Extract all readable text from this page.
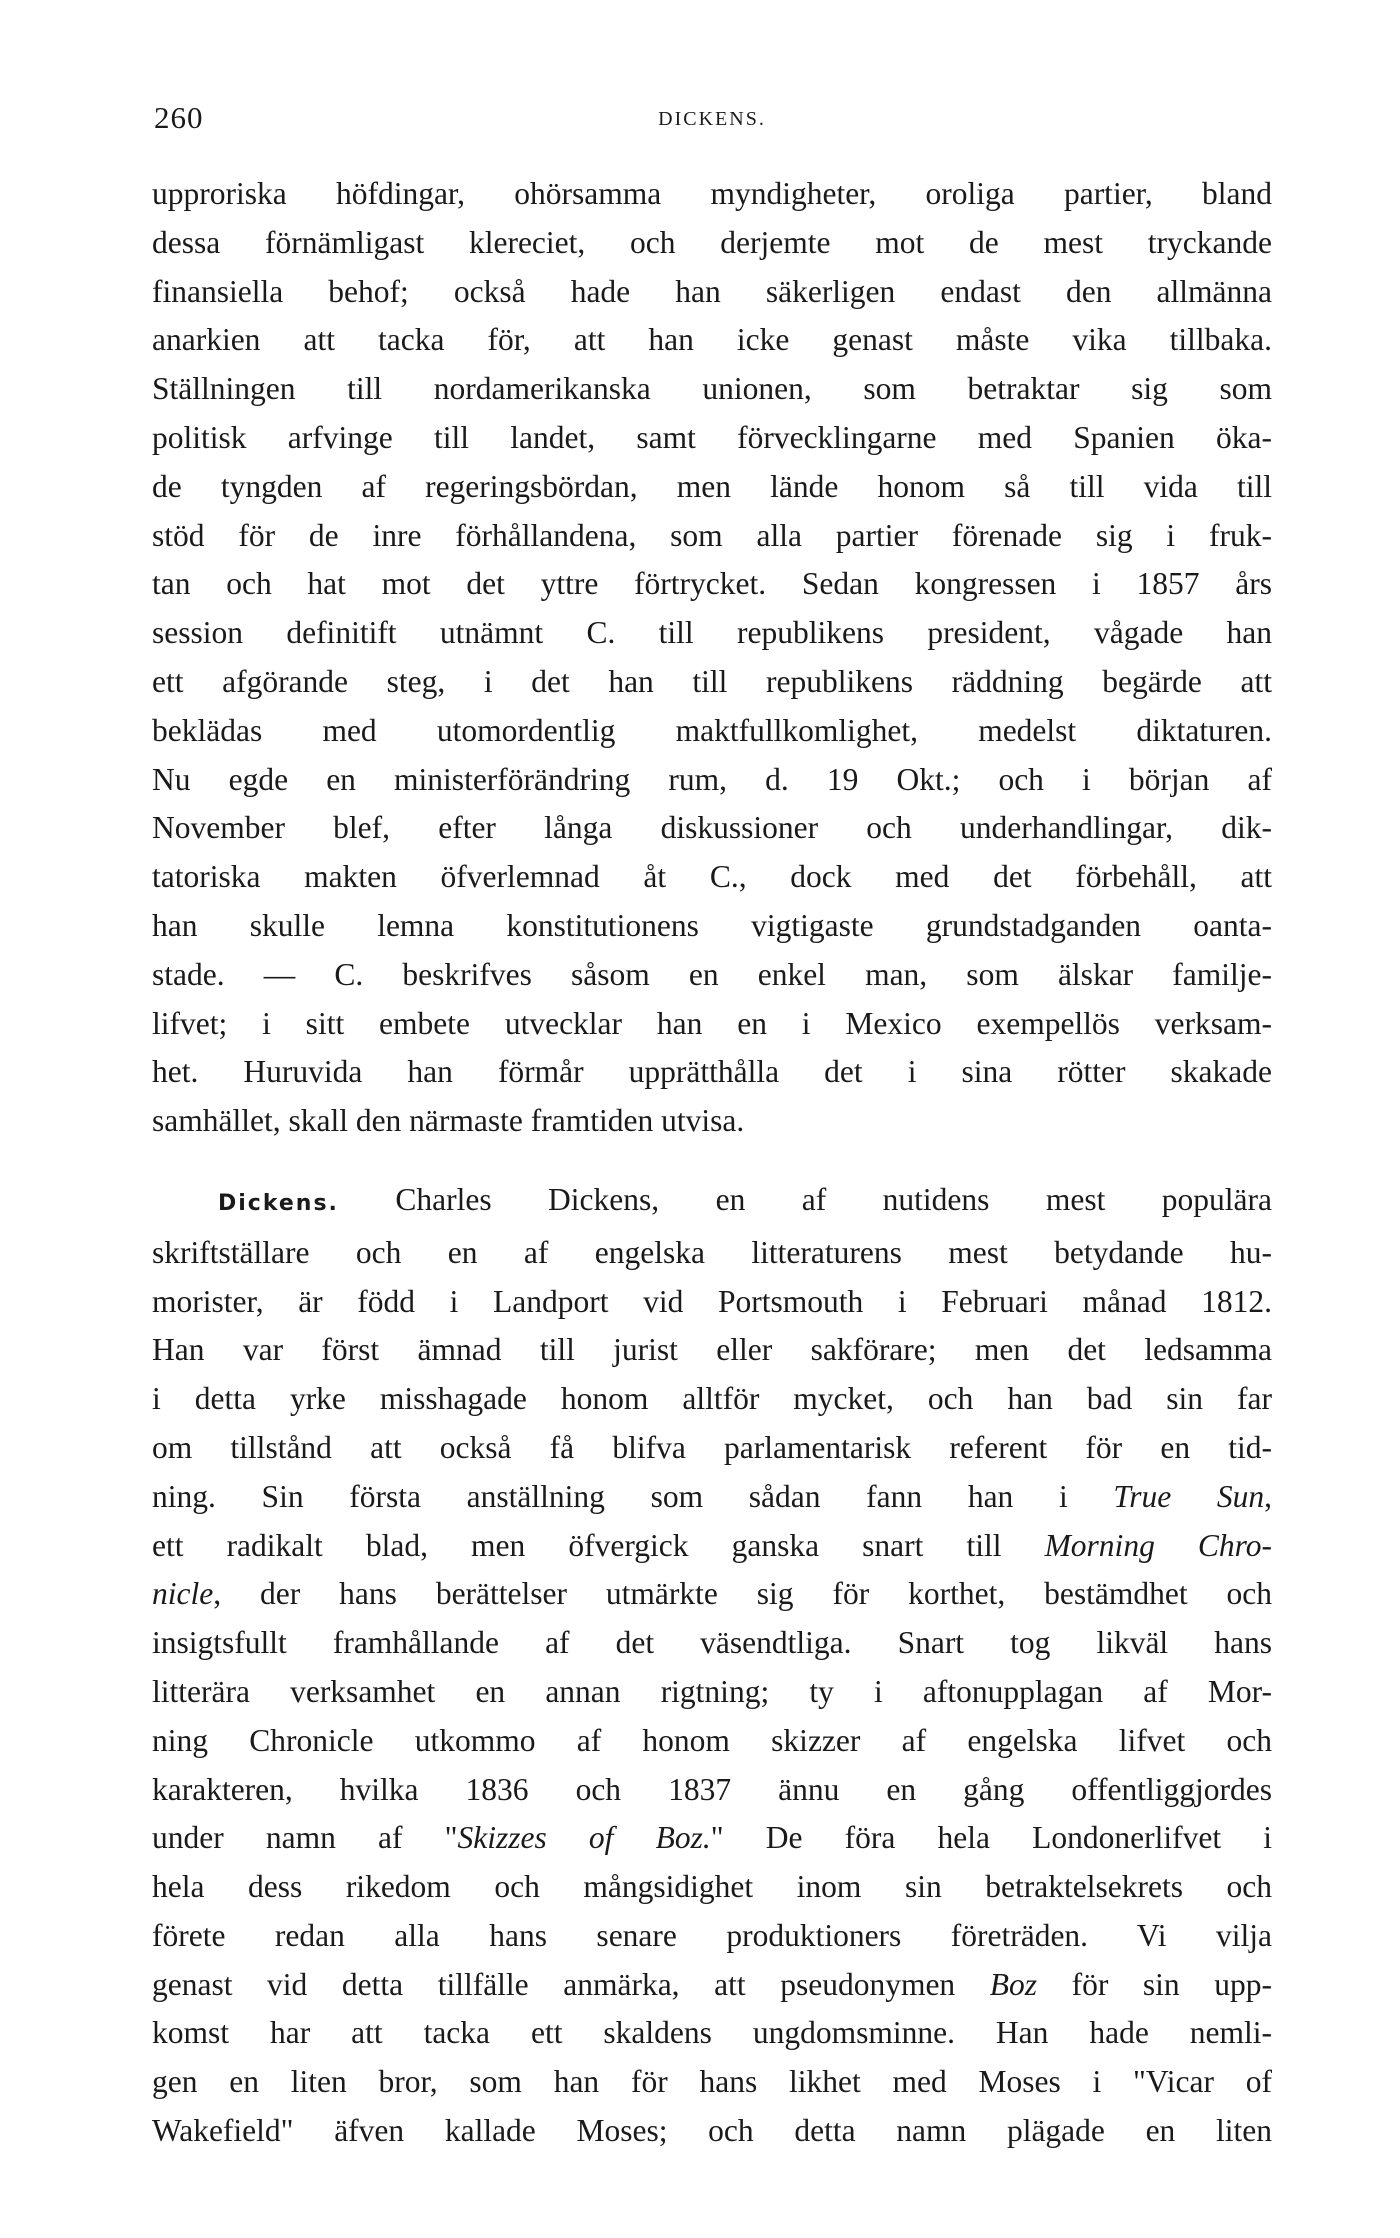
260	DICKENS.
upproriska höfdingar, ohörsamma myndigheter, oroliga partier, bland
dessa förnämligast klereciet, och derjemte mot de mest tryckande
finansiella behof; också hade han säkerligen endast den allmänna
anarkien att tacka för, att han icke genast måste vika tillbaka.
Ställningen till nordamerikanska unionen, som betraktar sig som
politisk arfvinge till landet, samt förvecklingarne med Spanien öka-
de tyngden af regeringsbördan, men lände honom så till vida till
stöd för de inre förhållandena, som alla partier förenade sig i fruk-
tan och hat mot det yttre förtrycket. Sedan kongressen i 1857 års
session definitift utnämnt C. till republikens president, vågade han
ett afgörande steg, i det han till republikens räddning begärde att
beklädas med utomordentlig maktfullkomlighet, medelst diktaturen.
Nu egde en ministerförändring rum, d. 19 Okt.; och i början af
November blef, efter långa diskussioner och underhandlingar, dik-
tatoriska makten öfverlemnad åt C., dock med det förbehåll, att
han skulle lemna konstitutionens vigtigaste grundstadganden oanta-
stade. — C. beskrifves såsom en enkel man, som älskar familje-
lifvet; i sitt embete utvecklar han en i Mexico exempellös verksam-
het. Huruvida han förmår upprätthålla det i sina rötter skakade
samhället, skall den närmaste framtiden utvisa.
Dickens. Charles Dickens, en af nutidens mest populära
skriftställare och en af engelska litteraturens mest betydande hu-
morister, är född i Landport vid Portsmouth i Februari månad 1812.
Han var först ämnad till jurist eller sakförare; men det ledsamma
i detta yrke misshagade honom alltför mycket, och han bad sin far
om tillstånd att också få blifva parlamentarisk referent för en tid-
ning. Sin första anställning som sådan fann han i True Sun,
ett radikalt blad, men öfvergick ganska snart till Morning Chro-
nicle, der hans berättelser utmärkte sig för korthet, bestämdhet och
insigtsfullt framhållande af det väsendtliga. Snart tog likväl hans
litterära verksamhet en annan rigtning; ty i aftonupplagan af Mor-
ning Chronicle utkommo af honom skizzer af engelska lifvet och
karakteren, hvilka 1836 och 1837 ännu en gång offentliggjordes
under namn af "Skizzes of Boz." De föra hela Londonerlifvet i
hela dess rikedom och mångsidighet inom sin betraktelsekrets och
förete redan alla hans senare produktioners företräden. Vi vilja
genast vid detta tillfälle anmärka, att pseudonymen Boz för sin upp-
komst har att tacka ett skaldens ungdomsminne. Han hade nemli-
gen en liten bror, som han för hans likhet med Moses i "Vicar of
Wakefield" äfven kallade Moses; och detta namn plägade en liten
